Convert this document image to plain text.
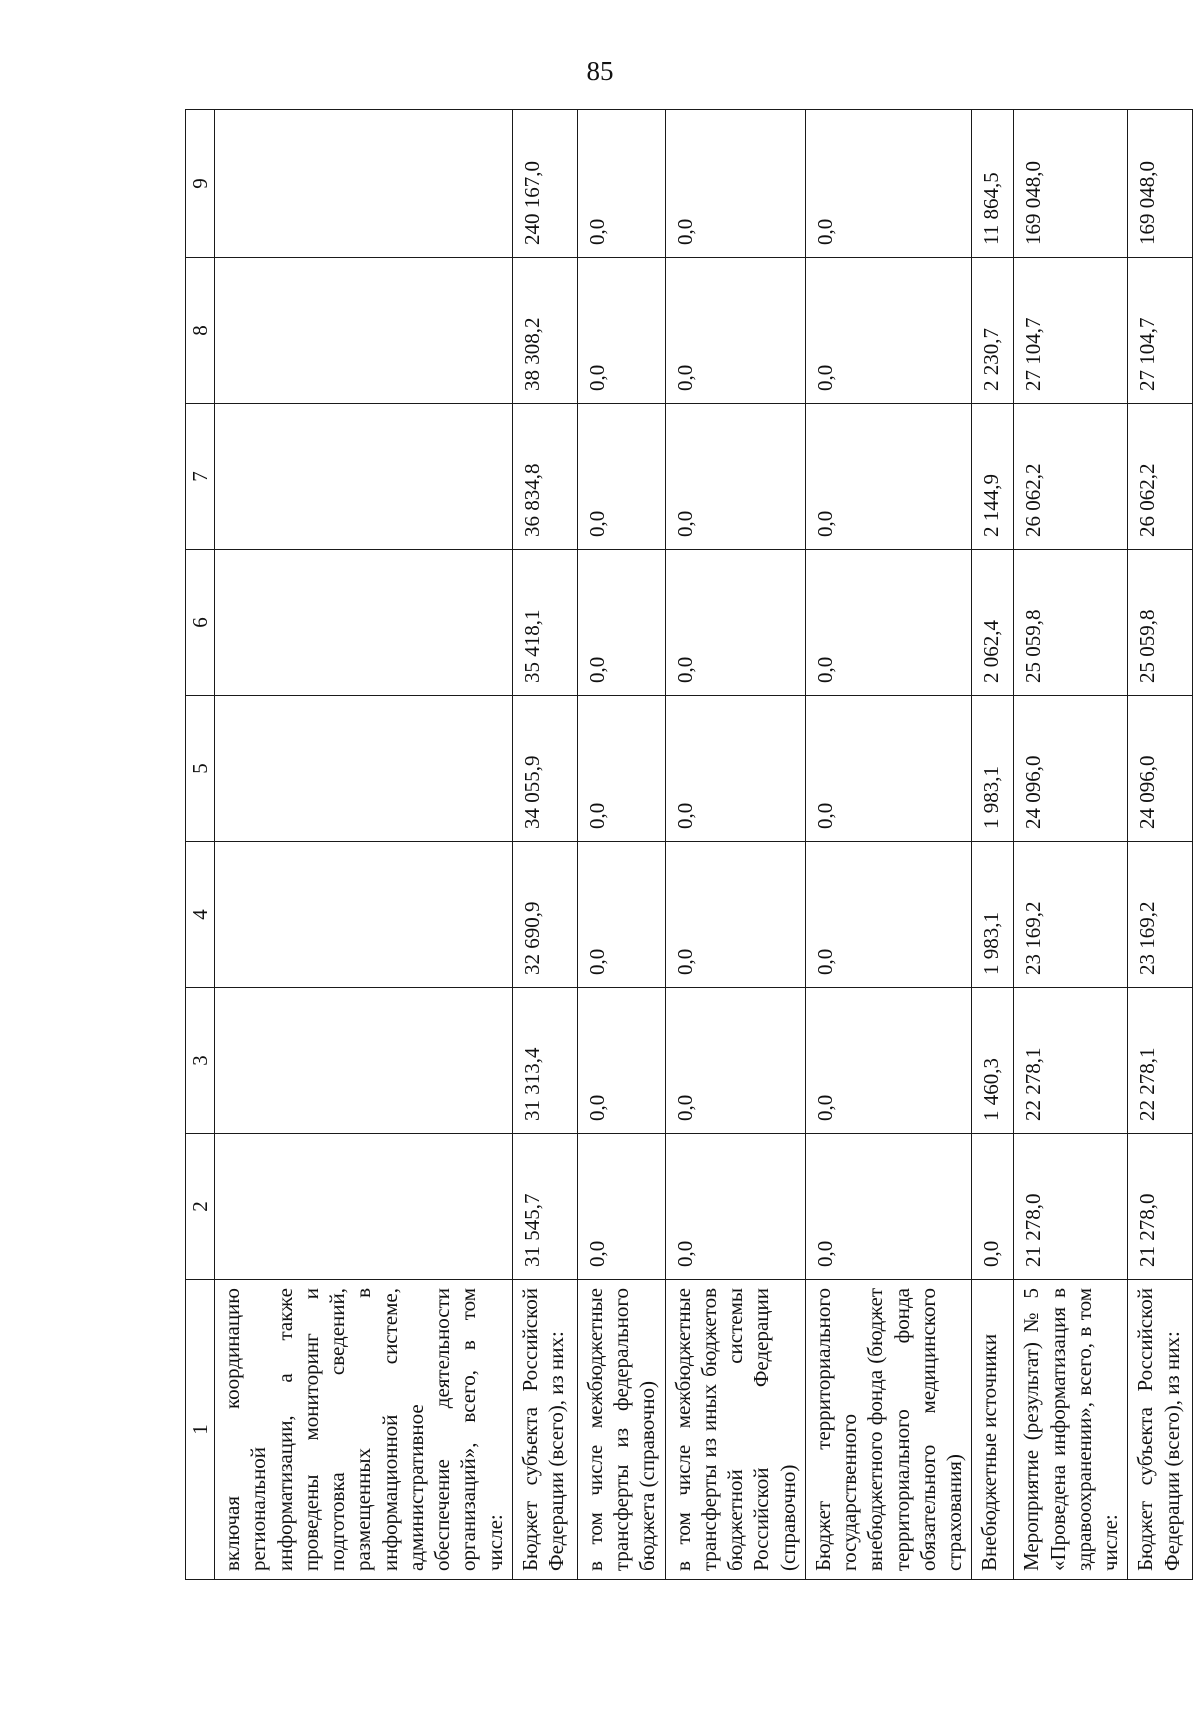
85
1	2	3	4	5	6	7	8	9
включая координацию региональной информатизации, а также проведены мониторинг и подготовка сведений, размещенных в информационной системе, административное обеспечение деятельности организаций», всего, в том числе:								
Бюджет субъекта Российской Федерации (всего), из них:	31 545,7	31 313,4	32 690,9	34 055,9	35 418,1	36 834,8	38 308,2	240 167,0
в том числе межбюджетные трансферты из федерального бюджета (справочно)	0,0	0,0	0,0	0,0	0,0	0,0	0,0	0,0
в том числе межбюджетные трансферты из иных бюджетов бюджетной системы Российской Федерации (справочно)	0,0	0,0	0,0	0,0	0,0	0,0	0,0	0,0
Бюджет территориального государственного внебюджетного фонда (бюджет территориального фонда обязательного медицинского страхования)	0,0	0,0	0,0	0,0	0,0	0,0	0,0	0,0
Внебюджетные источники	0,0	1 460,3	1 983,1	1 983,1	2 062,4	2 144,9	2 230,7	11 864,5
Мероприятие (результат) № 5 «Проведена информатизация в здравоохранении», всего, в том числе:	21 278,0	22 278,1	23 169,2	24 096,0	25 059,8	26 062,2	27 104,7	169 048,0
Бюджет субъекта Российской Федерации (всего), из них:	21 278,0	22 278,1	23 169,2	24 096,0	25 059,8	26 062,2	27 104,7	169 048,0
